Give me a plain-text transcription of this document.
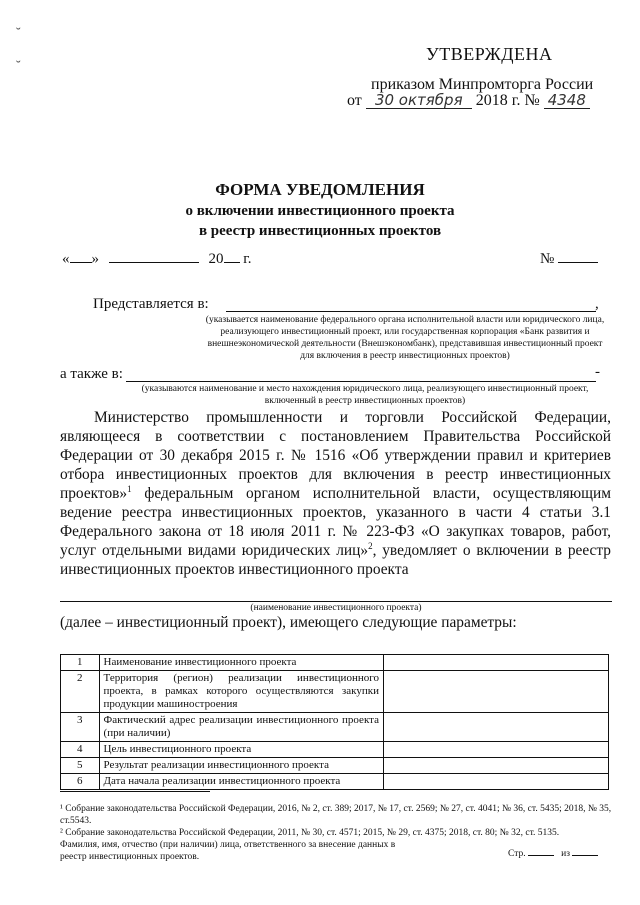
˘
˘
УТВЕРЖДЕНА
приказом Минпромторга России
от 30 октября 2018 г. № 4348
ФОРМА УВЕДОМЛЕНИЯ
о включении инвестиционного проекта
в реестр инвестиционных проектов
« »	20 г.	№
Представляется в:	,
(указывается наименование федерального органа исполнительной власти или юридического лица, реализующего инвестиционный проект, или государственная корпорация «Банк развития и внешнеэкономической деятельности (Внешэкономбанк), представившая инвестиционный проект для включения в реестр инвестиционных проектов)
а также в:	-
(указываются наименование и место нахождения юридического лица, реализующего инвестиционный проект, включенный в реестр инвестиционных проектов)
Министерство промышленности и торговли Российской Федерации, являющееся в соответствии с постановлением Правительства Российской Федерации от 30 декабря 2015 г. № 1516 «Об утверждении правил и критериев отбора инвестиционных проектов для включения в реестр инвестиционных проектов»$^1$ федеральным органом исполнительной власти, осуществляющим ведение реестра инвестиционных проектов, указанного в части 4 статьи 3.1 Федерального закона от 18 июля 2011 г. № 223-ФЗ «О закупках товаров, работ, услуг отдельными видами юридических лиц»$^2$, уведомляет о включении в реестр инвестиционных проектов инвестиционного проекта
(наименование инвестиционного проекта)
(далее – инвестиционный проект), имеющего следующие параметры:
1	Наименование инвестиционного проекта	
2	Территория (регион) реализации инвестиционного проекта, в рамках которого осуществляются закупки продукции машиностроения	
3	Фактический адрес реализации инвестиционного проекта (при наличии)	
4	Цель инвестиционного проекта	
5	Результат реализации инвестиционного проекта	
6	Дата начала реализации инвестиционного проекта	
¹ Собрание законодательства Российской Федерации, 2016, № 2, ст. 389; 2017, № 17, ст. 2569; № 27, ст. 4041; № 36, ст. 5435; 2018, № 35, ст.5543.
² Собрание законодательства Российской Федерации, 2011, № 30, ст. 4571; 2015, № 29, ст. 4375; 2018, ст. 80; № 32, ст. 5135.
Фамилия, имя, отчество (при наличии) лица, ответственного за внесение данных в реестр инвестиционных проектов.	Стр.	из
